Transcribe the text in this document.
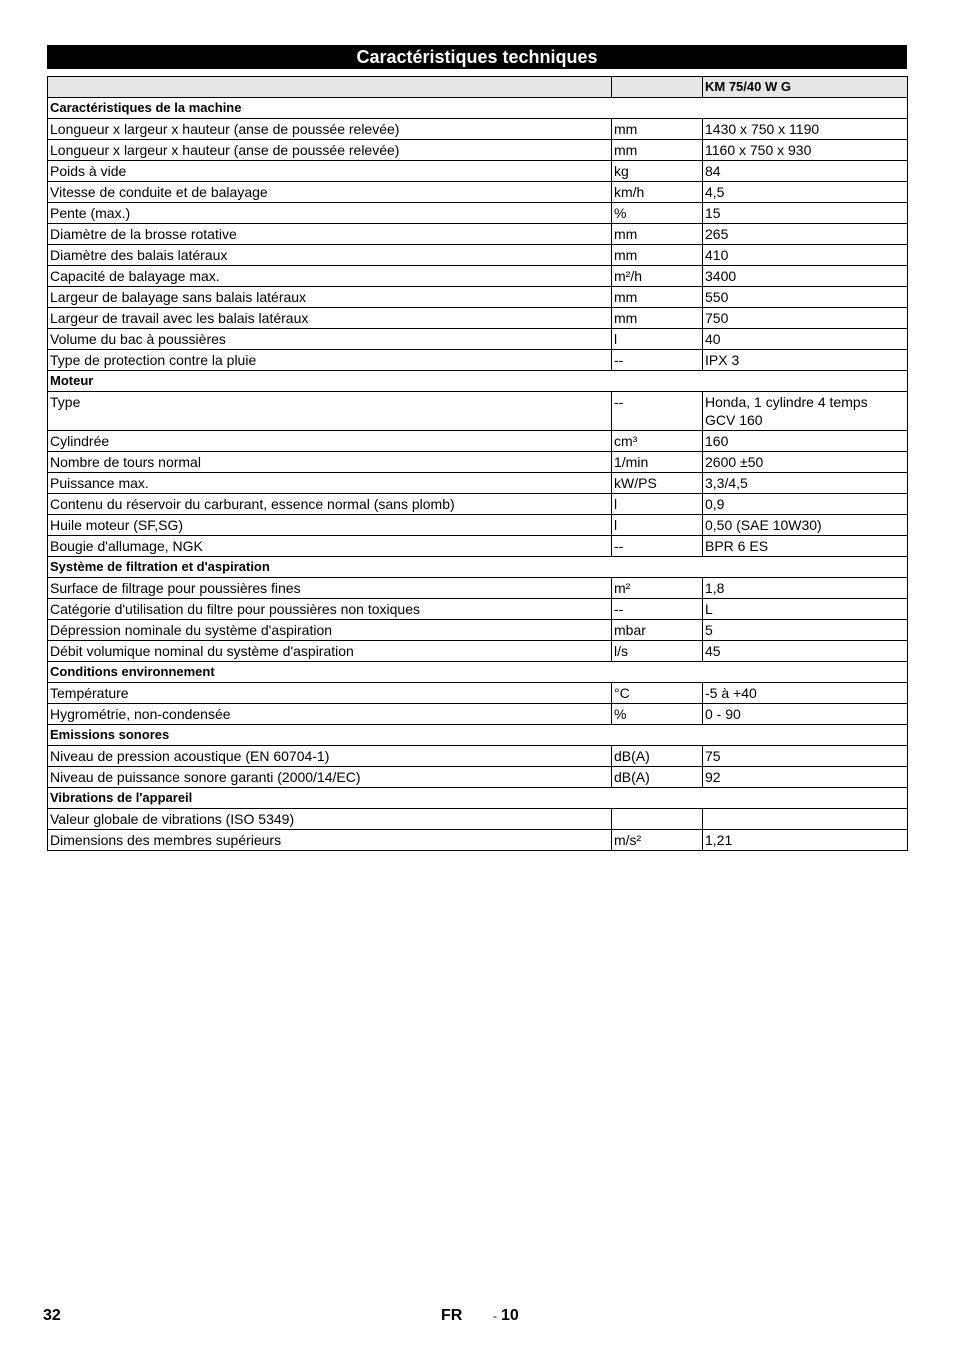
Caractéristiques techniques
		KM 75/40 W G
Caractéristiques de la machine		
Longueur x largeur x hauteur (anse de poussée relevée)	mm	1430 x 750 x 1190
Longueur x largeur x hauteur (anse de poussée relevée)	mm	1160 x 750 x 930
Poids à vide	kg	84
Vitesse de conduite et de balayage	km/h	4,5
Pente (max.)	%	15
Diamètre de la brosse rotative	mm	265
Diamètre des balais latéraux	mm	410
Capacité de balayage max.	m²/h	3400
Largeur de balayage sans balais latéraux	mm	550
Largeur de travail avec les balais latéraux	mm	750
Volume du bac à poussières	l	40
Type de protection contre la pluie	--	IPX 3
Moteur		
Type	--	Honda, 1 cylindre 4 temps
GCV 160
Cylindrée	cm³	160
Nombre de tours normal	1/min	2600 ±50
Puissance max.	kW/PS	3,3/4,5
Contenu du réservoir du carburant, essence normal (sans plomb)	l	0,9
Huile moteur (SF,SG)	l	0,50 (SAE 10W30)
Bougie d'allumage, NGK	--	BPR 6 ES
Système de filtration et d'aspiration		
Surface de filtrage pour poussières fines	m²	1,8
Catégorie d'utilisation du filtre pour poussières non toxiques	--	L
Dépression nominale du système d'aspiration	mbar	5
Débit volumique nominal du système d'aspiration	l/s	45
Conditions environnement		
Température	°C	-5 à +40
Hygrométrie, non-condensée	%	0 - 90
Emissions sonores		
Niveau de pression acoustique (EN 60704-1)	dB(A)	75
Niveau de puissance sonore garanti (2000/14/EC)	dB(A)	92
Vibrations de l'appareil		
Valeur globale de vibrations (ISO 5349)		
Dimensions des membres supérieurs	m/s²	1,21
32	FR	- 10
